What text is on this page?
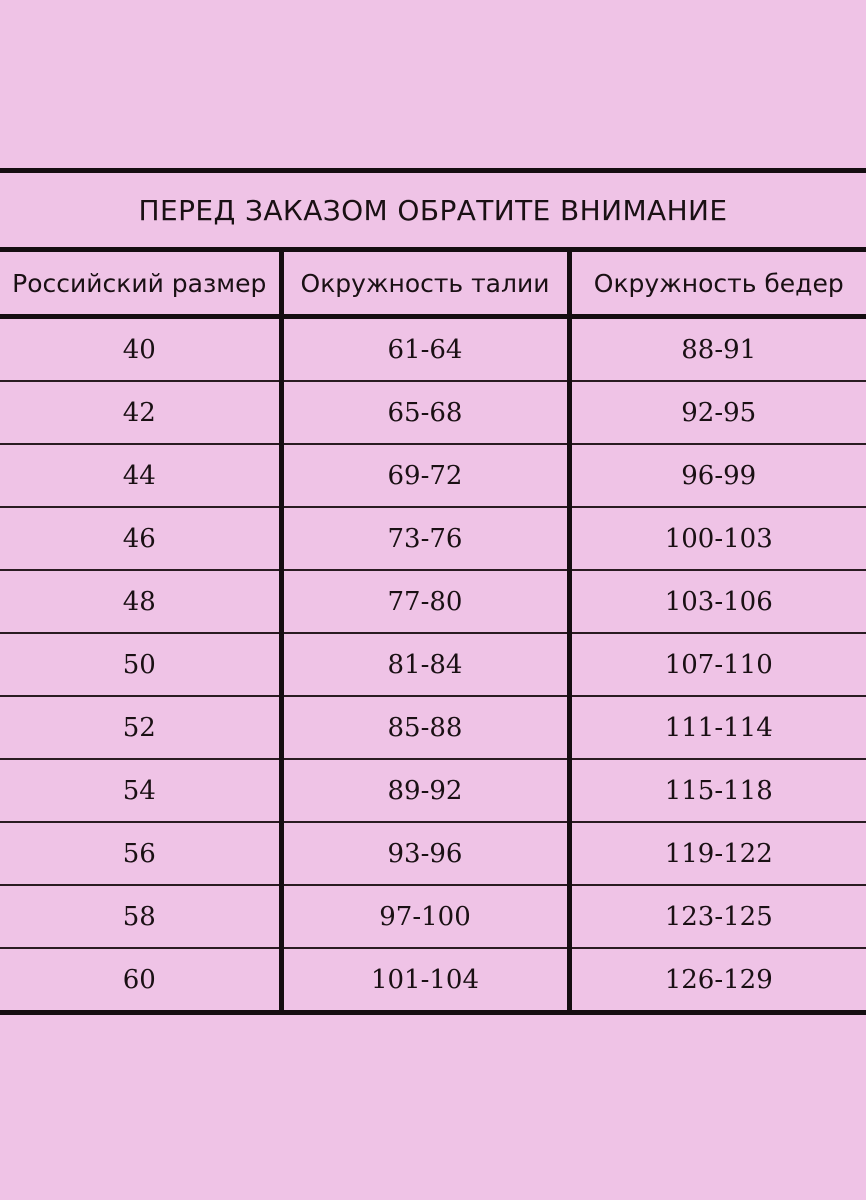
ПЕРЕД ЗАКАЗОМ ОБРАТИТЕ ВНИМАНИЕ		
Российский размер	Окружность талии	Окружность бедер
40	61-64	88-91
42	65-68	92-95
44	69-72	96-99
46	73-76	100-103
48	77-80	103-106
50	81-84	107-110
52	85-88	111-114
54	89-92	115-118
56	93-96	119-122
58	97-100	123-125
60	101-104	126-129
